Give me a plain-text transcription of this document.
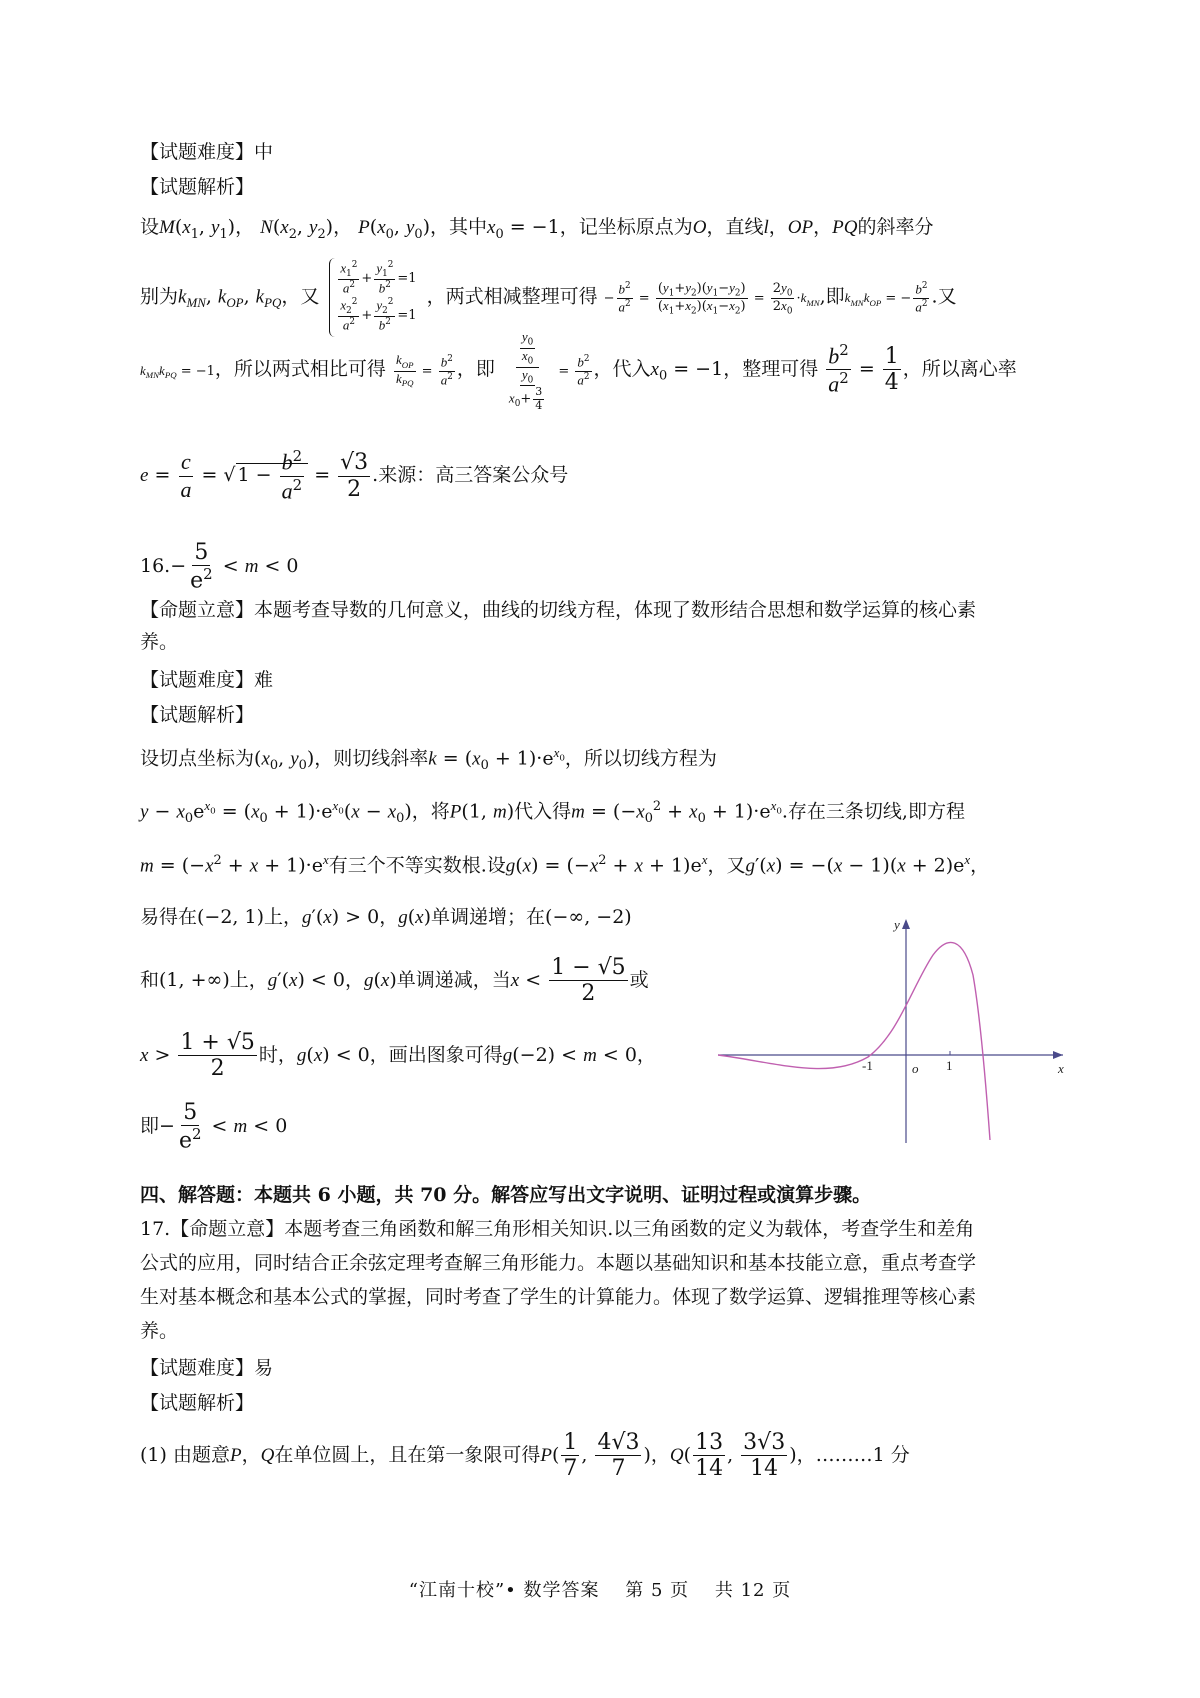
【试题难度】中
【试题解析】
设$M(x_1$, $y_1$)， $N(x_2$, $y_2$)， $P(x_0$, $y_0$)，其中$x_0 = -1$，记坐标原点为O，直线l，OP，PQ的斜率分
别为$k_{MN}$, $k_{OP}$, $k_{PQ}$，又 $\frac{x_1^2}{a^2} + \frac{y_1^2}{b^2} =1$
$\frac{x_2^2}{a^2} + \frac{y_2^2}{b^2} =1$
，两式相减整理可得 − $\frac{b^2}{a^2} = \frac{(y_1+y_2)(y_1-y_2)}{(x_1+x_2)(x_1-x_2)} = \frac{2y_0}{2x_0} \cdot k_{MN}$,即$k_{MN}k_{OP}$ = − $\frac{b^2}{a^2}$ .又
$k_{MN}k_{PQ} = -1$，所以两式相比可得 $\frac{k_{OP}}{k_{PQ}} = \frac{b^2}{a^2}$ ，即 $\frac{\frac{y_0}{x_0}}{\frac{y_0}{x_0+ \frac{3}{4}}} = \frac{b^2}{a^2}$ ，代入$x_0 = -1$，整理可得 $\frac{b^2}{a^2} = \frac{1}{4}$ ，所以离心率
$e = \frac{c}{a}$ = √ $1 - \frac{b^2}{a^2} = \frac{√3}{2}$ .来源：高三答案公众号
$16.- \frac{5}{e^2} < m < 0$
【命题立意】本题考查导数的几何意义，曲线的切线方程，体现了数形结合思想和数学运算的核心素
养。
【试题难度】难
【试题解析】
设切点坐标为($x_0$, $y_0$)，则切线斜率$k = (x_0 + 1)\cdot e^{x_0}$，所以切线方程为
$y - x_0e^{x_0} = (x_0 + 1)\cdot e^{x_0}(x - x_0)$，将P(1, m)代入得$m = (-x_0^2 + x_0 + 1)\cdot e^{x_0}$.存在三条切线,即方程
$m = (-x^2 + x + 1)\cdot e^x$有三个不等实数根.设$g(x) = (-x^2 + x + 1)e^x$，又$g'(x) = -(x - 1)(x + 2)e^x$，
易得在(−2, 1)上，g′(x) > 0，g(x)单调递增；在(−∞, −2)
和(1, +∞)上，g′(x) < 0，g(x)单调递减，当$x < \frac{1 - √5}{2}$ 或
$x > \frac{1 + √5}{2}$ 时，g(x) < 0，画出图象可得g(−2) < m < 0，
即− $\frac{5}{e^2} < m < 0$
y
x
-1	o 1
四、解答题：本题共 6 小题，共 70 分。解答应写出文字说明、证明过程或演算步骤。
17.【命题立意】本题考查三角函数和解三角形相关知识.以三角函数的定义为载体，考查学生和差角
公式的应用，同时结合正余弦定理考查解三角形能力。本题以基础知识和基本技能立意，重点考查学
生对基本概念和基本公式的掌握，同时考查了学生的计算能力。体现了数学运算、逻辑推理等核心素
养。
【试题难度】易
【试题解析】
(1) 由题意P，Q在单位圆上，且在第一象限可得$P( \frac{1}{7}$ , $\frac{4√3}{7}$ )，$Q( \frac{13}{14}$ , $\frac{3√3}{14}$ )，………1 分
“江南十校”• 数学答案　 第 5 页　 共 12 页
